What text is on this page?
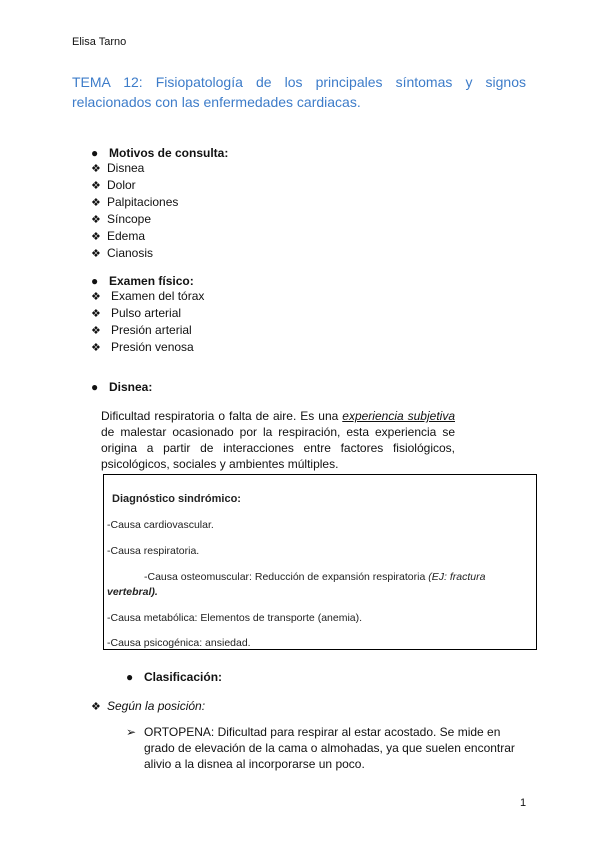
Elisa Tarno
TEMA 12: Fisiopatología de los principales síntomas y signos relacionados con las enfermedades cardiacas.
● Motivos de consulta:
❖ Disnea
❖ Dolor
❖ Palpitaciones
❖ Síncope
❖ Edema
❖ Cianosis
● Examen físico:
❖ Examen del tórax
❖ Pulso arterial
❖ Presión arterial
❖ Presión venosa
● Disnea:
Dificultad respiratoria o falta de aire. Es una experiencia subjetiva de malestar ocasionado por la respiración, esta experiencia se origina a partir de interacciones entre factores fisiológicos, psicológicos, sociales y ambientes múltiples.
Diagnóstico sindrómico:
-Causa cardiovascular.
-Causa respiratoria.
-Causa osteomuscular: Reducción de expansión respiratoria (EJ: fractura
vertebral).
-Causa metabólica: Elementos de transporte (anemia).
-Causa psicogénica: ansiedad.
● Clasificación:
❖ Según la posición:
➢ ORTOPENA: Dificultad para respirar al estar acostado. Se mide en grado de elevación de la cama o almohadas, ya que suelen encontrar alivio a la disnea al incorporarse un poco.
1
